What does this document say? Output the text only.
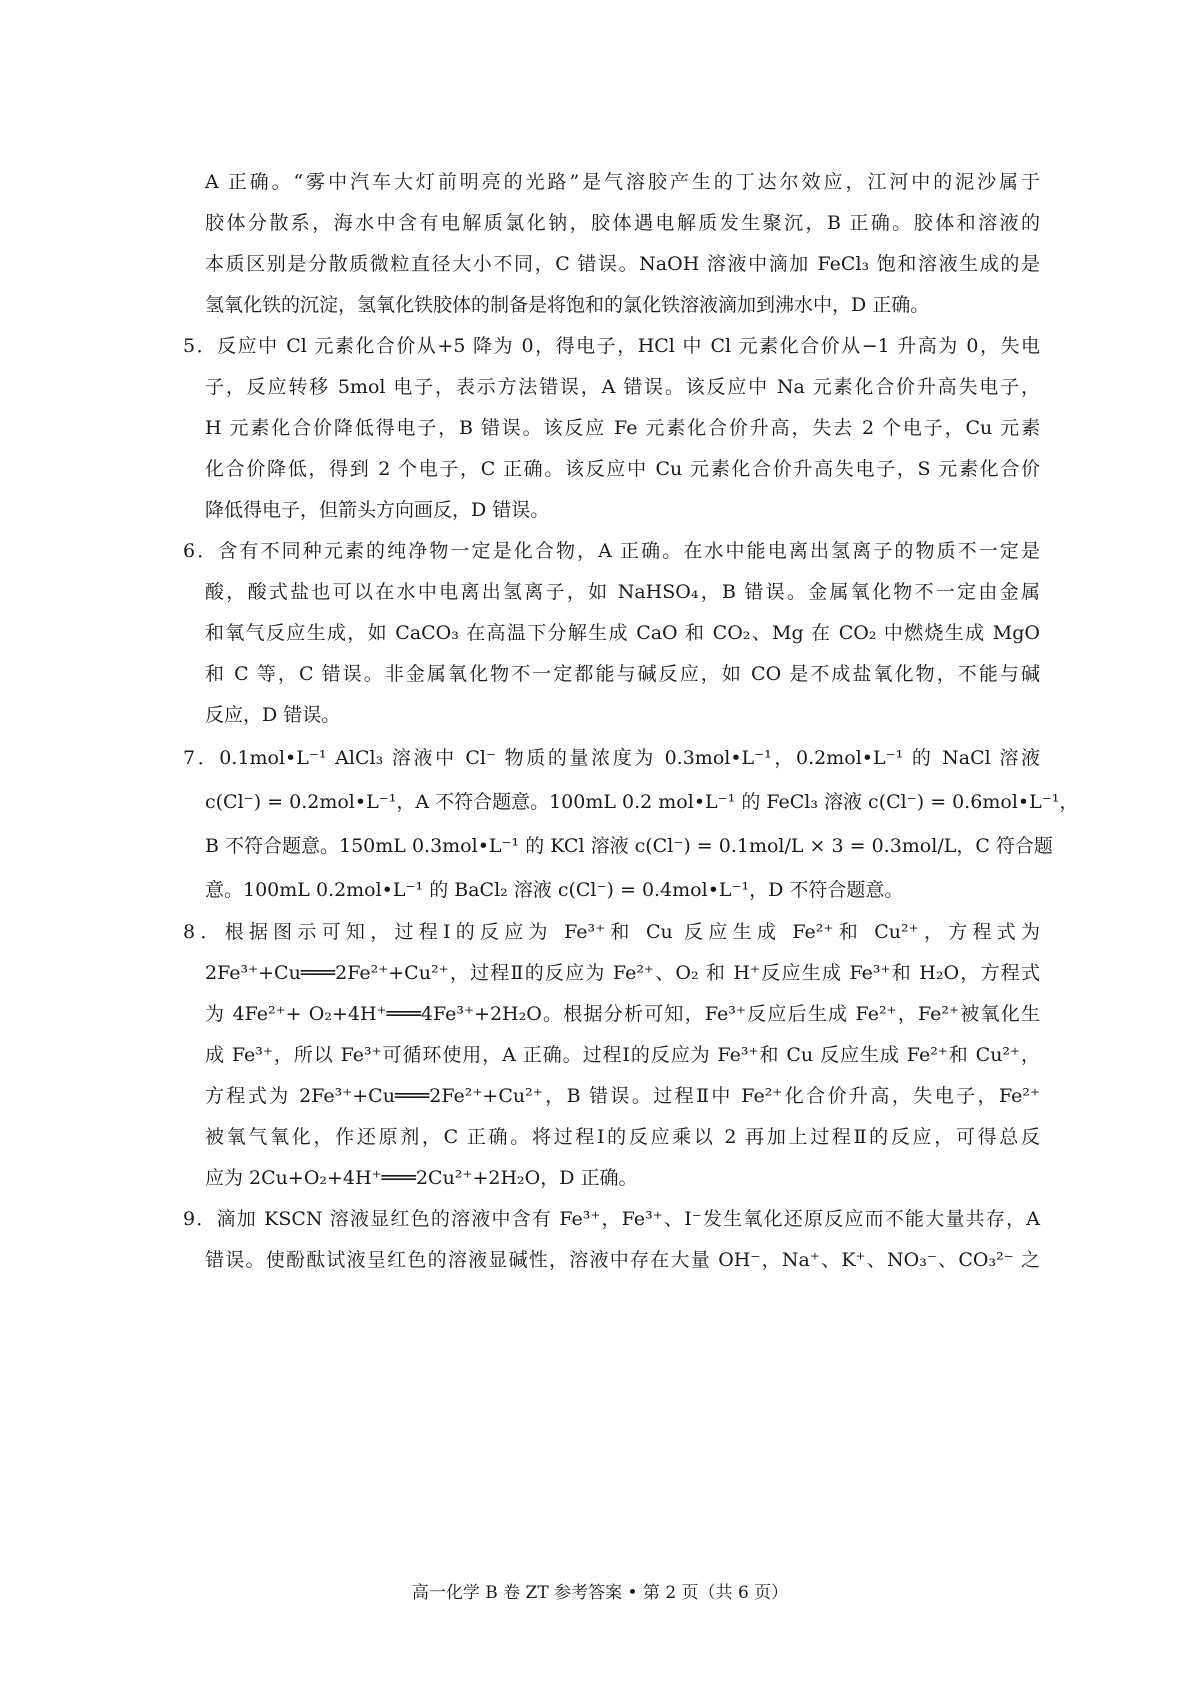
A 正确。“雾中汽车大灯前明亮的光路”是气溶胶产生的丁达尔效应，江河中的泥沙属于
胶体分散系，海水中含有电解质氯化钠，胶体遇电解质发生聚沉，B 正确。胶体和溶液的
本质区别是分散质微粒直径大小不同，C 错误。NaOH 溶液中滴加 FeCl₃ 饱和溶液生成的是
氢氧化铁的沉淀，氢氧化铁胶体的制备是将饱和的氯化铁溶液滴加到沸水中，D 正确。
5．反应中 Cl 元素化合价从+5 降为 0，得电子，HCl 中 Cl 元素化合价从−1 升高为 0，失电
子，反应转移 5mol 电子，表示方法错误，A 错误。该反应中 Na 元素化合价升高失电子，
H 元素化合价降低得电子，B 错误。该反应 Fe 元素化合价升高，失去 2 个电子，Cu 元素
化合价降低，得到 2 个电子，C 正确。该反应中 Cu 元素化合价升高失电子，S 元素化合价
降低得电子，但箭头方向画反，D 错误。
6．含有不同种元素的纯净物一定是化合物，A 正确。在水中能电离出氢离子的物质不一定是
酸，酸式盐也可以在水中电离出氢离子，如 NaHSO₄，B 错误。金属氧化物不一定由金属
和氧气反应生成，如 CaCO₃ 在高温下分解生成 CaO 和 CO₂、Mg 在 CO₂ 中燃烧生成 MgO
和 C 等，C 错误。非金属氧化物不一定都能与碱反应，如 CO 是不成盐氧化物，不能与碱
反应，D 错误。
7．0.1mol•L⁻¹ AlCl₃ 溶液中 Cl⁻ 物质的量浓度为 0.3mol•L⁻¹，0.2mol•L⁻¹ 的 NaCl 溶液
c(Cl⁻) = 0.2mol•L⁻¹，A 不符合题意。100mL 0.2 mol•L⁻¹ 的 FeCl₃ 溶液 c(Cl⁻) = 0.6mol•L⁻¹，
B 不符合题意。150mL 0.3mol•L⁻¹ 的 KCl 溶液 c(Cl⁻) = 0.1mol/L × 3 = 0.3mol/L，C 符合题
意。100mL 0.2mol•L⁻¹ 的 BaCl₂ 溶液 c(Cl⁻) = 0.4mol•L⁻¹，D 不符合题意。
8．根据图示可知，过程Ⅰ的反应为 Fe³⁺和 Cu 反应生成 Fe²⁺和 Cu²⁺，方程式为
2Fe³⁺+Cu═══2Fe²⁺+Cu²⁺，过程Ⅱ的反应为 Fe²⁺、O₂ 和 H⁺反应生成 Fe³⁺和 H₂O，方程式
为 4Fe²⁺+ O₂+4H⁺═══4Fe³⁺+2H₂O。根据分析可知，Fe³⁺反应后生成 Fe²⁺，Fe²⁺被氧化生
成 Fe³⁺，所以 Fe³⁺可循环使用，A 正确。过程Ⅰ的反应为 Fe³⁺和 Cu 反应生成 Fe²⁺和 Cu²⁺，
方程式为 2Fe³⁺+Cu═══2Fe²⁺+Cu²⁺，B 错误。过程Ⅱ中 Fe²⁺化合价升高，失电子，Fe²⁺
被氧气氧化，作还原剂，C 正确。将过程Ⅰ的反应乘以 2 再加上过程Ⅱ的反应，可得总反
应为 2Cu+O₂+4H⁺═══2Cu²⁺+2H₂O，D 正确。
9．滴加 KSCN 溶液显红色的溶液中含有 Fe³⁺，Fe³⁺、I⁻发生氧化还原反应而不能大量共存，A
错误。使酚酞试液呈红色的溶液显碱性，溶液中存在大量 OH⁻，Na⁺、K⁺、NO₃⁻、CO₃²⁻ 之
高一化学 B 卷 ZT 参考答案 • 第 2 页（共 6 页）
